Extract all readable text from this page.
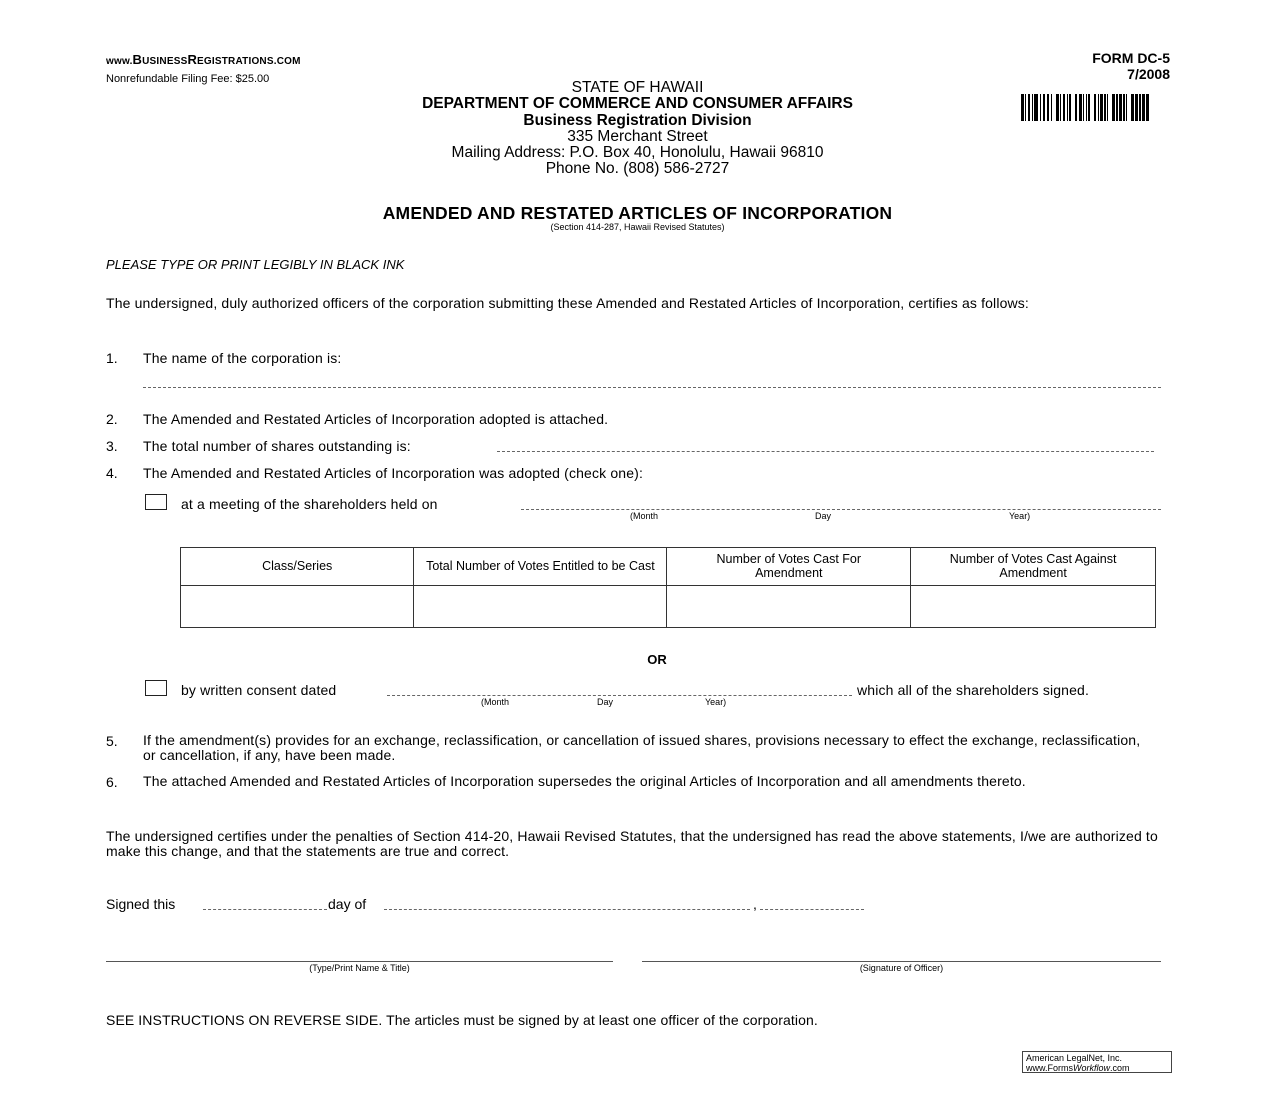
www.BUSINESSREGISTRATIONS.COM
Nonrefundable Filing Fee: $25.00
FORM DC-5
7/2008
STATE OF HAWAII
DEPARTMENT OF COMMERCE AND CONSUMER AFFAIRS
Business Registration Division
335 Merchant Street
Mailing Address: P.O. Box 40, Honolulu, Hawaii 96810
Phone No. (808) 586-2727
AMENDED AND RESTATED ARTICLES OF INCORPORATION
(Section 414-287, Hawaii Revised Statutes)
PLEASE TYPE OR PRINT LEGIBLY IN BLACK INK
The undersigned, duly authorized officers of the corporation submitting these Amended and Restated Articles of Incorporation, certifies as follows:
1. The name of the corporation is:
2. The Amended and Restated Articles of Incorporation adopted is attached.
3. The total number of shares outstanding is:
4. The Amended and Restated Articles of Incorporation was adopted (check one):
at a meeting of the shareholders held on
(Month	Day	Year)
Class/Series	Total Number of Votes Entitled to be Cast	Number of Votes Cast For Amendment	Number of Votes Cast Against Amendment

OR
by written consent dated	which all of the shareholders signed.
(Month	Day	Year)
5. If the amendment(s) provides for an exchange, reclassification, or cancellation of issued shares, provisions necessary to effect the exchange, reclassification, or cancellation, if any, have been made.
6. The attached Amended and Restated Articles of Incorporation supersedes the original Articles of Incorporation and all amendments thereto.
The undersigned certifies under the penalties of Section 414-20, Hawaii Revised Statutes, that the undersigned has read the above statements, I/we are authorized to make this change, and that the statements are true and correct.
Signed this	day of	,
(Type/Print Name & Title)	(Signature of Officer)
SEE INSTRUCTIONS ON REVERSE SIDE. The articles must be signed by at least one officer of the corporation.
American LegalNet, Inc.
www.FormsWorkflow.com
